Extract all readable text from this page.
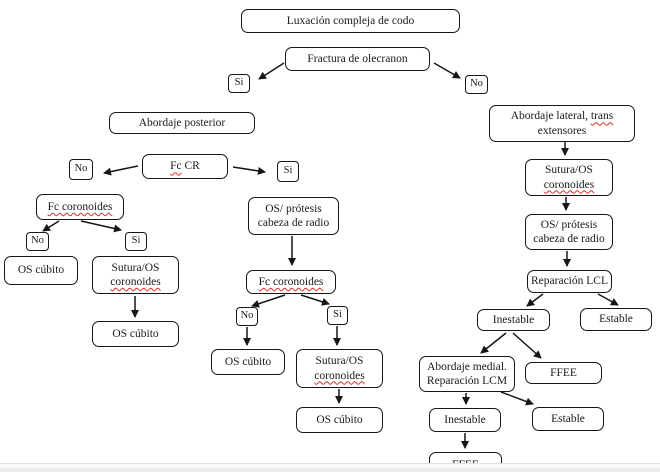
Luxación compleja de codo
Fractura de olecranon
Si	No
Abordaje posterior
Fc CR
No	Si
Fc coronoides
No	Si
OS cúbito	Sutura/OS
coronoides
OS cúbito
OS/ prótesis
cabeza de radio
Fc coronoides
No	Si
OS cúbito	Sutura/OS
coronoides
OS cúbito
Abordaje lateral, trans
extensores
Sutura/OS
coronoides
OS/ prótesis
cabeza de radio
Reparación LCL
Inestable	Estable
Abordaje medial.
Reparación LCM
FFEE
Inestable	Estable
